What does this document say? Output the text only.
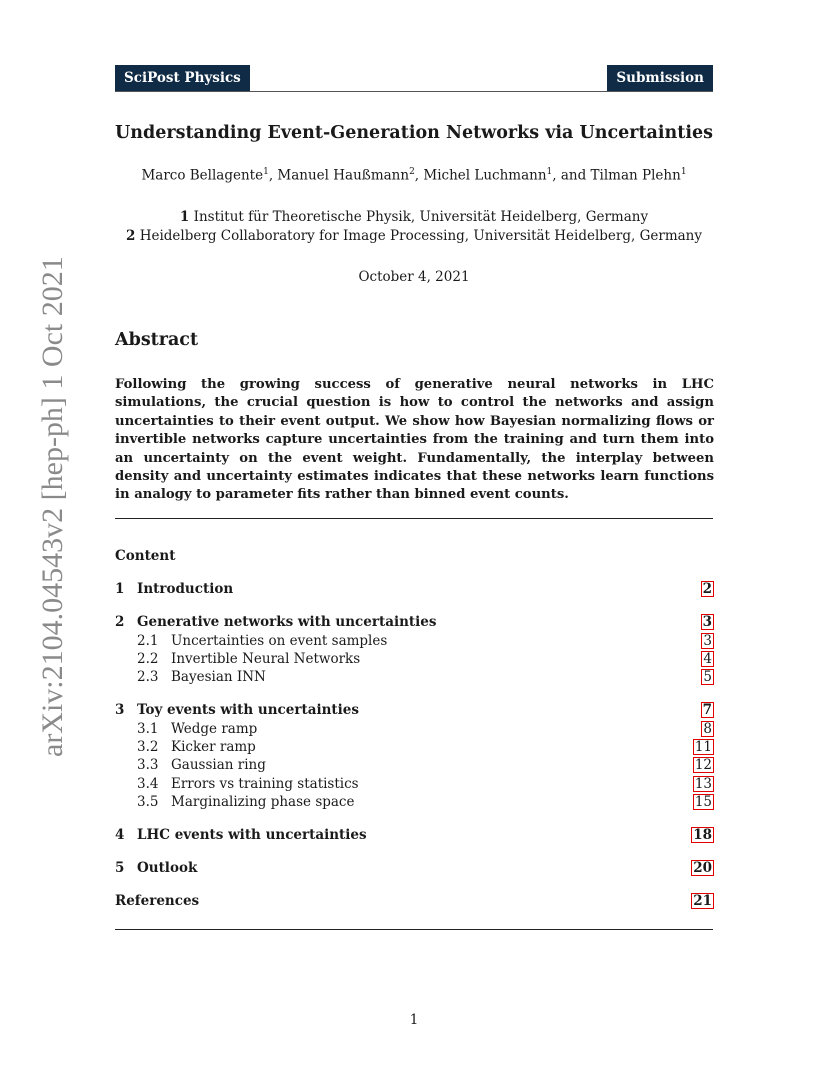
SciPost Physics	Submission
Understanding Event-Generation Networks via Uncertainties
Marco Bellagente$^1$, Manuel Haußmann$^2$, Michel Luchmann$^1$, and Tilman Plehn$^1$
1 Institut für Theoretische Physik, Universität Heidelberg, Germany
2 Heidelberg Collaboratory for Image Processing, Universität Heidelberg, Germany
October 4, 2021
Abstract
Following the growing success of generative neural networks in LHC simulations, the crucial question is how to control the networks and assign uncertainties to their event output. We show how Bayesian normalizing flows or invertible networks capture uncertainties from the training and turn them into an uncertainty on the event weight. Fundamentally, the interplay between density and uncertainty estimates indicates that these networks learn functions in analogy to parameter fits rather than binned event counts.
Content
1 Introduction	2
2 Generative networks with uncertainties	3
2.1 Uncertainties on event samples	3
2.2 Invertible Neural Networks	4
2.3 Bayesian INN	5
3 Toy events with uncertainties	7
3.1 Wedge ramp	8
3.2 Kicker ramp	11
3.3 Gaussian ring	12
3.4 Errors vs training statistics	13
3.5 Marginalizing phase space	15
4 LHC events with uncertainties	18
5 Outlook	20
References	21
arXiv:2104.04543v2 [hep-ph] 1 Oct 2021
1
